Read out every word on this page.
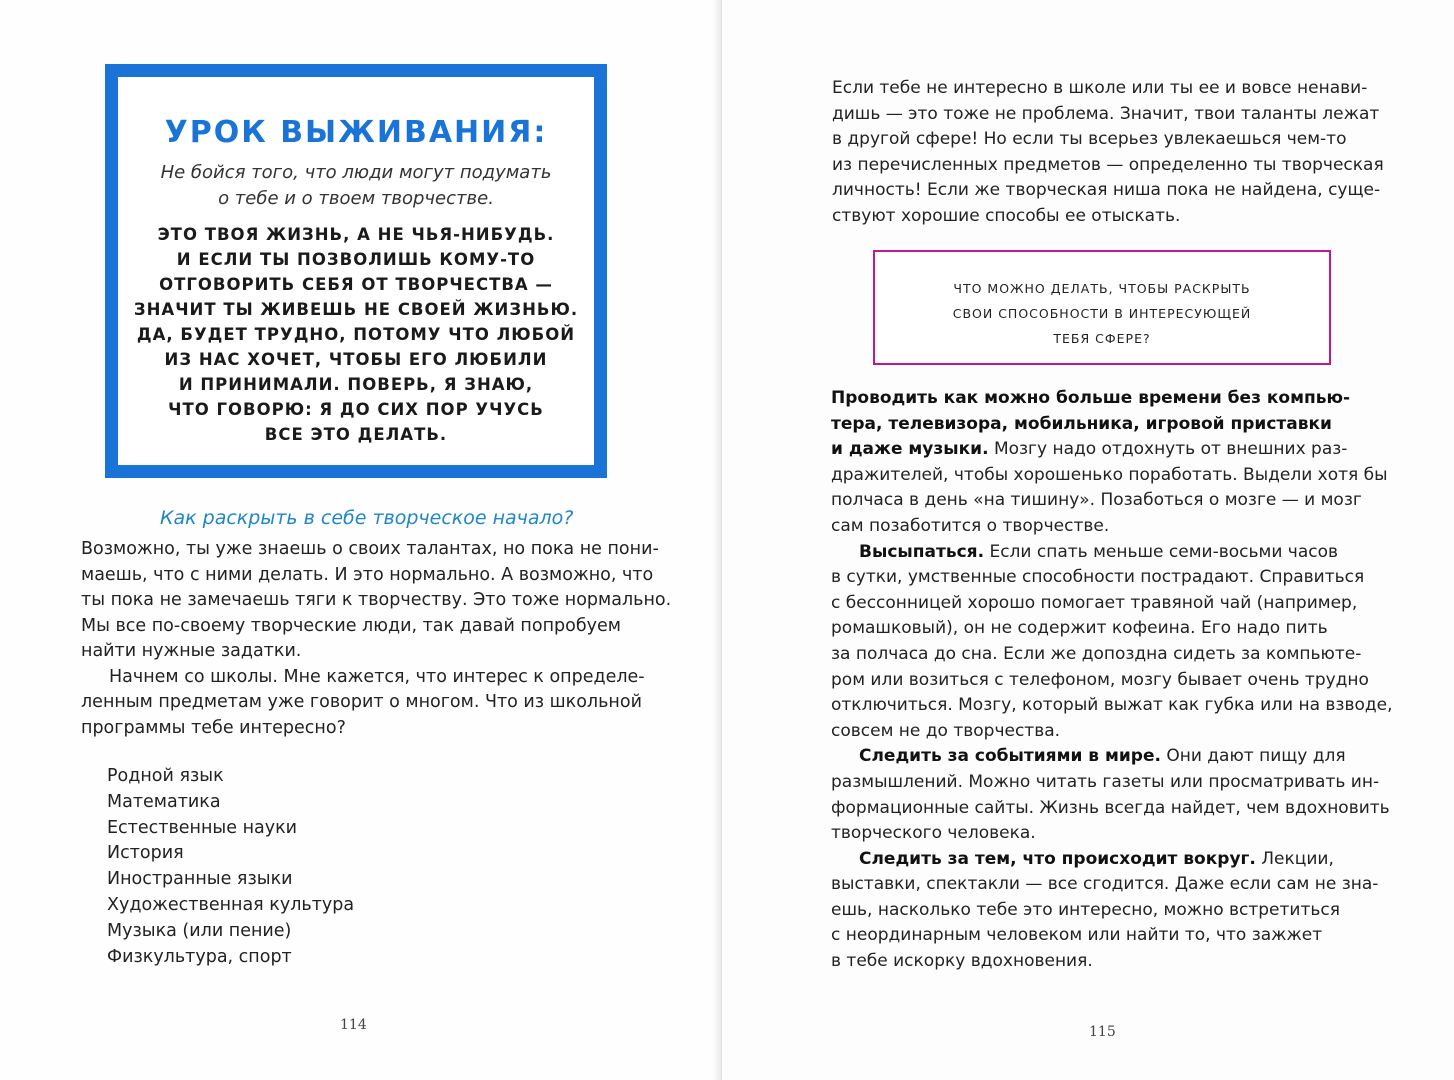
УРОК ВЫЖИВАНИЯ:
Не бойся того, что люди могут подумать
о тебе и о твоем творчестве.
ЭТО ТВОЯ ЖИЗНЬ, А НЕ ЧЬЯ-НИБУДЬ.
И ЕСЛИ ТЫ ПОЗВОЛИШЬ КОМУ-ТО
ОТГОВОРИТЬ СЕБЯ ОТ ТВОРЧЕСТВА —
ЗНАЧИТ ТЫ ЖИВЕШЬ НЕ СВОЕЙ ЖИЗНЬЮ.
ДА, БУДЕТ ТРУДНО, ПОТОМУ ЧТО ЛЮБОЙ
ИЗ НАС ХОЧЕТ, ЧТОБЫ ЕГО ЛЮБИЛИ
И ПРИНИМАЛИ. ПОВЕРЬ, Я ЗНАЮ,
ЧТО ГОВОРЮ: Я ДО СИХ ПОР УЧУСЬ
ВСЕ ЭТО ДЕЛАТЬ.
Как раскрыть в себе творческое начало?
Возможно, ты уже знаешь о своих талантах, но пока не пони-
маешь, что с ними делать. И это нормально. А возможно, что
ты пока не замечаешь тяги к творчеству. Это тоже нормально.
Мы все по-своему творческие люди, так давай попробуем
найти нужные задатки.
Начнем со школы. Мне кажется, что интерес к определе-
ленным предметам уже говорит о многом. Что из школьной
программы тебе интересно?
Родной язык
Математика
Естественные науки
История
Иностранные языки
Художественная культура
Музыка (или пение)
Физкультура, спорт
114
Если тебе не интересно в школе или ты ее и вовсе ненави-
дишь — это тоже не проблема. Значит, твои таланты лежат
в другой сфере! Но если ты всерьез увлекаешься чем-то
из перечисленных предметов — определенно ты творческая
личность! Если же творческая ниша пока не найдена, суще-
ствуют хорошие способы ее отыскать.
ЧТО МОЖНО ДЕЛАТЬ, ЧТОБЫ РАСКРЫТЬ
СВОИ СПОСОБНОСТИ В ИНТЕРЕСУЮЩЕЙ
ТЕБЯ СФЕРЕ?
Проводить как можно больше времени без компью-
тера, телевизора, мобильника, игровой приставки
и даже музыки. Мозгу надо отдохнуть от внешних раз-
дражителей, чтобы хорошенько поработать. Выдели хотя бы
полчаса в день «на тишину». Позаботься о мозге — и мозг
сам позаботится о творчестве.
Высыпаться. Если спать меньше семи-восьми часов
в сутки, умственные способности пострадают. Справиться
с бессонницей хорошо помогает травяной чай (например,
ромашковый), он не содержит кофеина. Его надо пить
за полчаса до сна. Если же допоздна сидеть за компьюте-
ром или возиться с телефоном, мозгу бывает очень трудно
отключиться. Мозгу, который выжат как губка или на взводе,
совсем не до творчества.
Следить за событиями в мире. Они дают пищу для
размышлений. Можно читать газеты или просматривать ин-
формационные сайты. Жизнь всегда найдет, чем вдохновить
творческого человека.
Следить за тем, что происходит вокруг. Лекции,
выставки, спектакли — все сгодится. Даже если сам не зна-
ешь, насколько тебе это интересно, можно встретиться
с неординарным человеком или найти то, что зажжет
в тебе искорку вдохновения.
115
